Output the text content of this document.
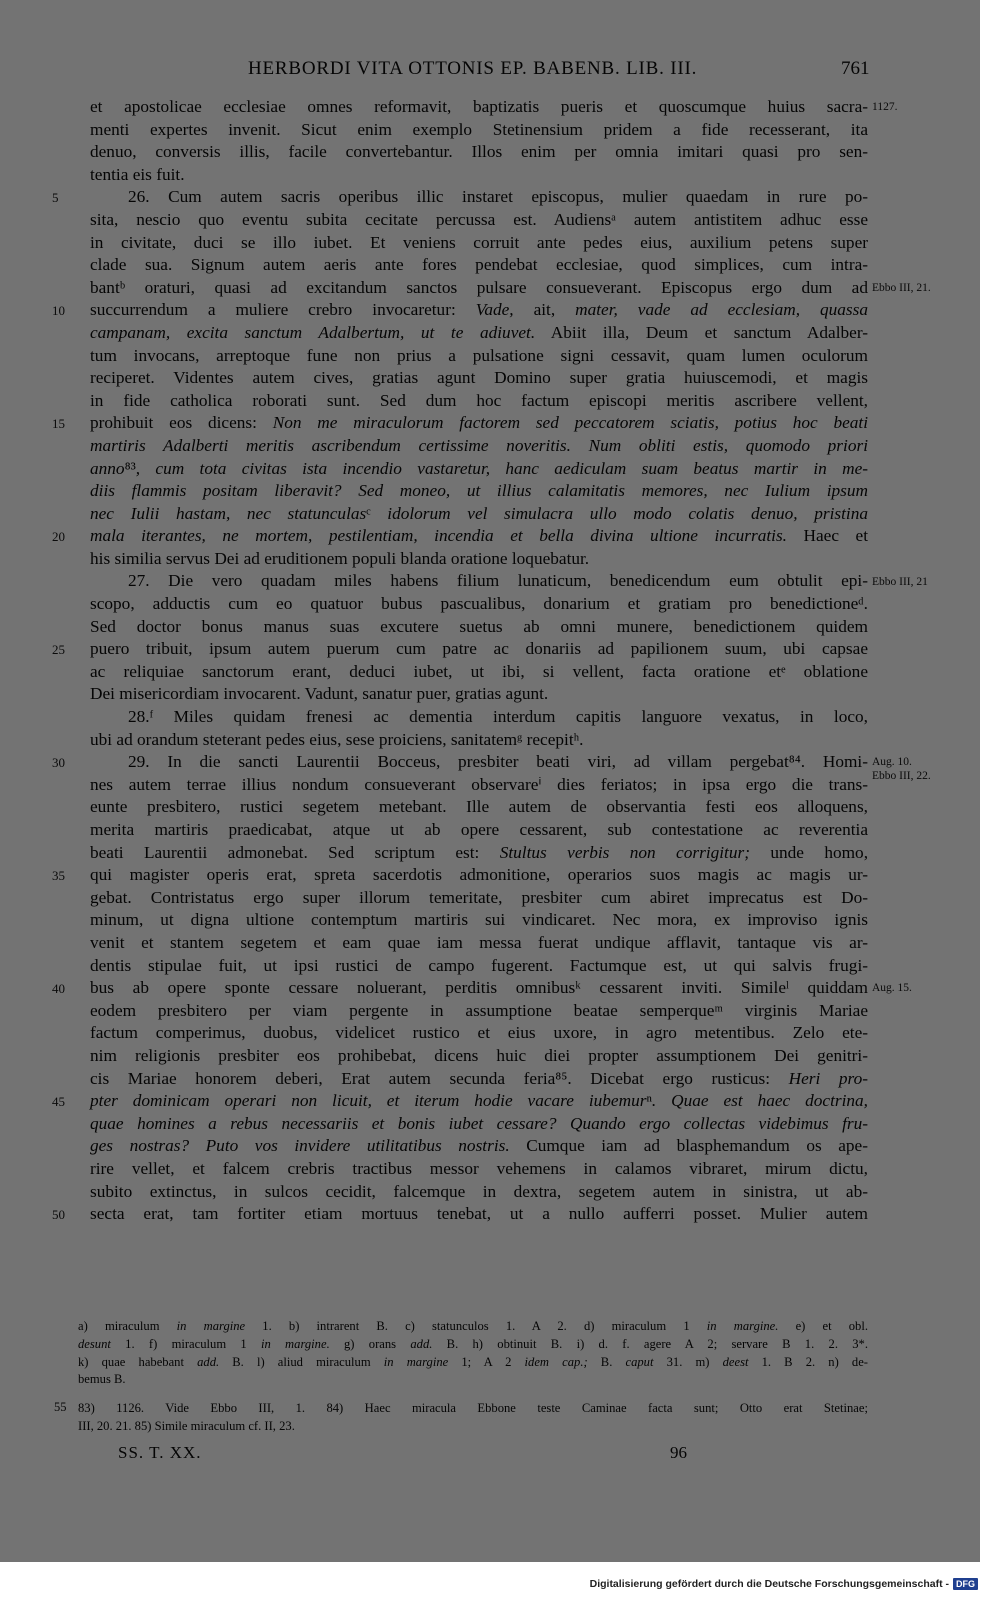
HERBORDI VITA OTTONIS EP. BABENB. LIB. III.	761
et apostolicae ecclesiae omnes reformavit, baptizatis pueris et quoscumque huius sacra-
menti expertes invenit. Sicut enim exemplo Stetinensium pridem a fide recesserant, ita
denuo, conversis illis, facile convertebantur. Illos enim per omnia imitari quasi pro sen-
tentia eis fuit.
26. Cum autem sacris operibus illic instaret episcopus, mulier quaedam in rure po-
sita, nescio quo eventu subita cecitate percussa est. Audiensᵃ autem antistitem adhuc esse
in civitate, duci se illo iubet. Et veniens corruit ante pedes eius, auxilium petens super
clade sua. Signum autem aeris ante fores pendebat ecclesiae, quod simplices, cum intra-
bantᵇ oraturi, quasi ad excitandum sanctos pulsare consueverant. Episcopus ergo dum ad
succurrendum a muliere crebro invocaretur: Vade, ait, mater, vade ad ecclesiam, quassa
campanam, excita sanctum Adalbertum, ut te adiuvet. Abiit illa, Deum et sanctum Adalber-
tum invocans, arreptoque fune non prius a pulsatione signi cessavit, quam lumen oculorum
reciperet. Videntes autem cives, gratias agunt Domino super gratia huiuscemodi, et magis
in fide catholica roborati sunt. Sed dum hoc factum episcopi meritis ascribere vellent,
prohibuit eos dicens: Non me miraculorum factorem sed peccatorem sciatis, potius hoc beati
martiris Adalberti meritis ascribendum certissime noveritis. Num obliti estis, quomodo priori
anno⁸³, cum tota civitas ista incendio vastaretur, hanc aediculam suam beatus martir in me-
diis flammis positam liberavit? Sed moneo, ut illius calamitatis memores, nec Iulium ipsum
nec Iulii hastam, nec statunculasᶜ idolorum vel simulacra ullo modo colatis denuo, pristina
mala iterantes, ne mortem, pestilentiam, incendia et bella divina ultione incurratis. Haec et
his similia servus Dei ad eruditionem populi blanda oratione loquebatur.
27. Die vero quadam miles habens filium lunaticum, benedicendum eum obtulit epi-
scopo, adductis cum eo quatuor bubus pascualibus, donarium et gratiam pro benedictioneᵈ.
Sed doctor bonus manus suas excutere suetus ab omni munere, benedictionem quidem
puero tribuit, ipsum autem puerum cum patre ac donariis ad papilionem suum, ubi capsae
ac reliquiae sanctorum erant, deduci iubet, ut ibi, si vellent, facta oratione etᵉ oblatione
Dei misericordiam invocarent. Vadunt, sanatur puer, gratias agunt.
28.ᶠ Miles quidam frenesi ac dementia interdum capitis languore vexatus, in loco,
ubi ad orandum steterant pedes eius, sese proiciens, sanitatemᵍ recepitʰ.
29. In die sancti Laurentii Bocceus, presbiter beati viri, ad villam pergebat⁸⁴. Homi-
nes autem terrae illius nondum consueverant observareⁱ dies feriatos; in ipsa ergo die trans-
eunte presbitero, rustici segetem metebant. Ille autem de observantia festi eos alloquens,
merita martiris praedicabat, atque ut ab opere cessarent, sub contestatione ac reverentia
beati Laurentii admonebat. Sed scriptum est: Stultus verbis non corrigitur; unde homo,
qui magister operis erat, spreta sacerdotis admonitione, operarios suos magis ac magis ur-
gebat. Contristatus ergo super illorum temeritate, presbiter cum abiret imprecatus est Do-
minum, ut digna ultione contemptum martiris sui vindicaret. Nec mora, ex improviso ignis
venit et stantem segetem et eam quae iam messa fuerat undique afflavit, tantaque vis ar-
dentis stipulae fuit, ut ipsi rustici de campo fugerent. Factumque est, ut qui salvis frugi-
bus ab opere sponte cessare noluerant, perditis omnibusᵏ cessarent inviti. Simileˡ quiddam
eodem presbitero per viam pergente in assumptione beatae semperqueᵐ virginis Mariae
factum comperimus, duobus, videlicet rustico et eius uxore, in agro metentibus. Zelo ete-
nim religionis presbiter eos prohibebat, dicens huic diei propter assumptionem Dei genitri-
cis Mariae honorem deberi, Erat autem secunda feria⁸⁵. Dicebat ergo rusticus: Heri pro-
pter dominicam operari non licuit, et iterum hodie vacare iubemurⁿ. Quae est haec doctrina,
quae homines a rebus necessariis et bonis iubet cessare? Quando ergo collectas videbimus fru-
ges nostras? Puto vos invidere utilitatibus nostris. Cumque iam ad blasphemandum os ape-
rire vellet, et falcem crebris tractibus messor vehemens in calamos vibraret, mirum dictu,
subito extinctus, in sulcos cecidit, falcemque in dextra, segetem autem in sinistra, ut ab-
secta erat, tam fortiter etiam mortuus tenebat, ut a nullo aufferri posset. Mulier autem
5
10
15
20
25
30
35
40
45
50
1127.
Ebbo III, 21.
Ebbo III, 21
Aug. 10.
Ebbo III, 22.
Aug. 15.
a) miraculum in margine 1. b) intrarent B. c) statunculos 1. A 2. d) miraculum 1 in margine. e) et obl.
desunt 1. f) miraculum 1 in margine. g) orans add. B. h) obtinuit B. i) d. f. agere A 2; servare B 1. 2. 3*.
k) quae habebant add. B. l) aliud miraculum in margine 1; A 2 idem cap.; B. caput 31. m) deest 1. B 2. n) de-
bemus B.
55 83) 1126. Vide Ebbo III, 1. 84) Haec miracula Ebbone teste Caminae facta sunt; Otto erat Stetinae;
III, 20. 21. 85) Simile miraculum cf. II, 23.
SS. T. XX.	96
Digitalisierung gefördert durch die Deutsche Forschungsgemeinschaft - DFG
